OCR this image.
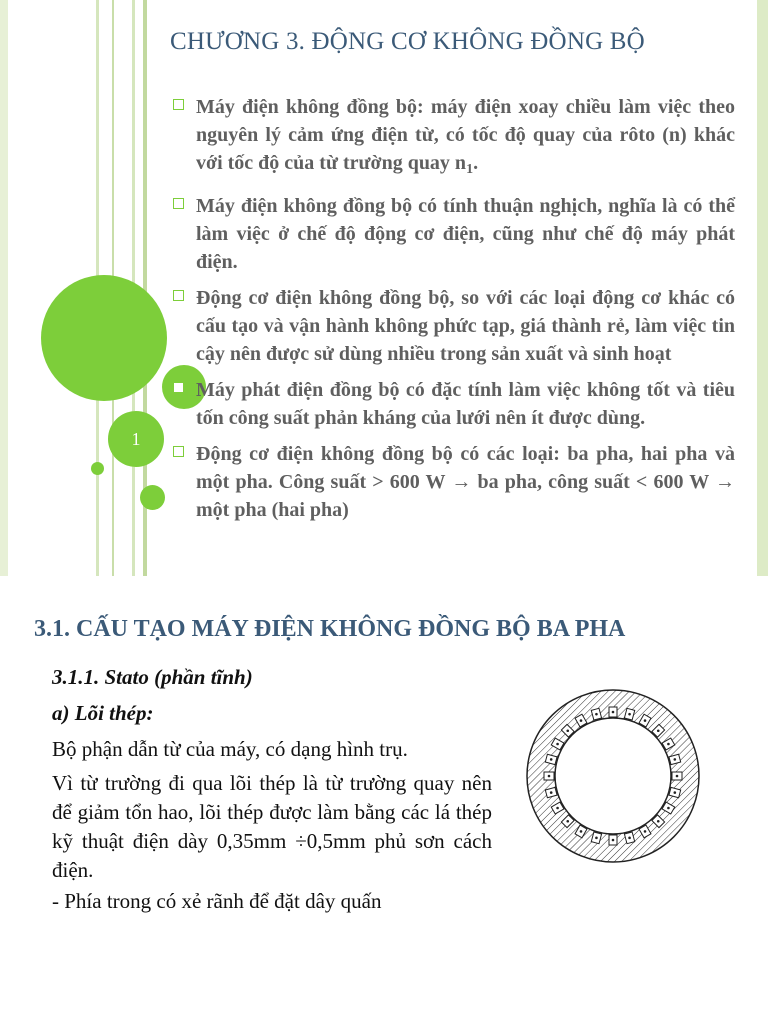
1
CHƯƠNG 3. ĐỘNG CƠ KHÔNG ĐỒNG BỘ
Máy điện không đồng bộ: máy điện xoay chiều làm việc theo nguyên lý cảm ứng điện từ, có tốc độ quay của rôto (n) khác với tốc độ của từ trường quay $n_1$.
Máy điện không đồng bộ có tính thuận nghịch, nghĩa là có thể làm việc ở chế độ động cơ điện, cũng như chế độ máy phát điện.
Động cơ điện không đồng bộ, so với các loại động cơ khác có cấu tạo và vận hành không phức tạp, giá thành rẻ, làm việc tin cậy nên được sử dùng nhiều trong sản xuất và sinh hoạt
Máy phát điện đồng bộ có đặc tính làm việc không tốt và tiêu tốn công suất phản kháng của lưới nên ít được dùng.
Động cơ điện không đồng bộ có các loại: ba pha, hai pha và một pha. Công suất > 600 W → ba pha, công suất < 600 W → một pha (hai pha)
3.1. CẤU TẠO MÁY ĐIỆN KHÔNG ĐỒNG BỘ BA PHA

3.1.1. Stato (phần tĩnh)

a) Lõi thép:

Bộ phận dẫn từ của máy, có dạng hình trụ.

Vì từ trường đi qua lõi thép là từ trường quay nên để giảm tổn hao, lõi thép được làm bằng các lá thép kỹ thuật điện dày 0,35mm ÷0,5mm phủ sơn cách điện.

- Phía trong có xẻ rãnh để đặt dây quấn
